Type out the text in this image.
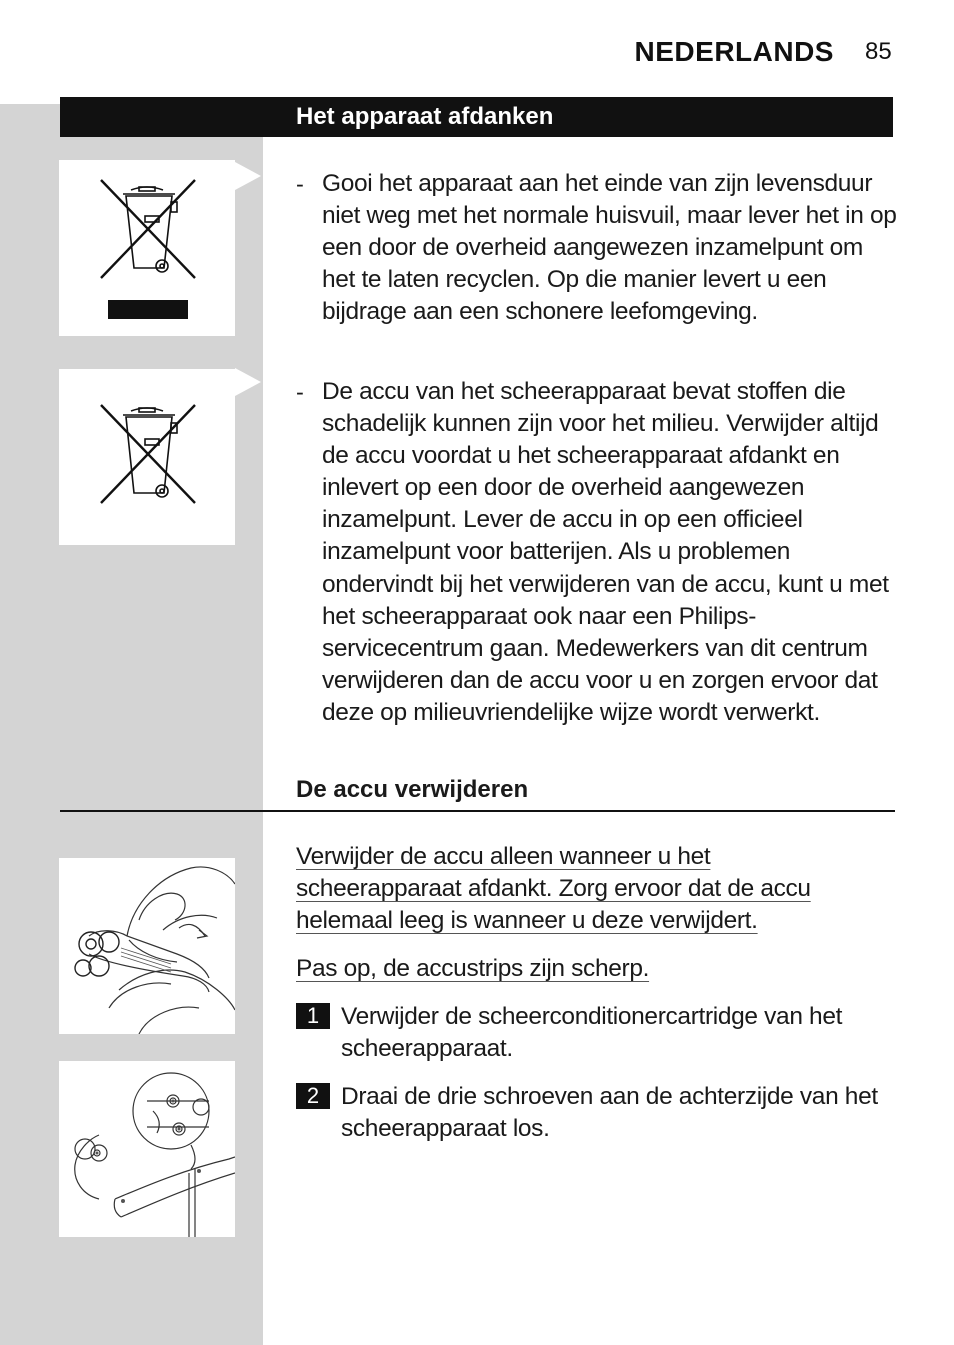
NEDERLANDS 85
Het apparaat afdanken
- Gooi het apparaat aan het einde van zijn levensduur niet weg met het normale huisvuil, maar lever het in op een door de overheid aangewezen inzamelpunt om het te laten recyclen. Op die manier levert u een bijdrage aan een schonere leefomgeving.
- De accu van het scheerapparaat bevat stoffen die schadelijk kunnen zijn voor het milieu. Verwijder altijd de accu voordat u het scheerapparaat afdankt en inlevert op een door de overheid aangewezen inzamelpunt. Lever de accu in op een officieel inzamelpunt voor batterijen. Als u problemen ondervindt bij het verwijderen van de accu, kunt u met het scheerapparaat ook naar een Philips-servicecentrum gaan. Medewerkers van dit centrum verwijderen dan de accu voor u en zorgen ervoor dat deze op milieuvriendelijke wijze wordt verwerkt.
De accu verwijderen
Verwijder de accu alleen wanneer u het scheerapparaat afdankt. Zorg ervoor dat de accu helemaal leeg is wanneer u deze verwijdert.
Pas op, de accustrips zijn scherp.
1 Verwijder de scheerconditionercartridge van het scheerapparaat.
2 Draai de drie schroeven aan de achterzijde van het scheerapparaat los.
